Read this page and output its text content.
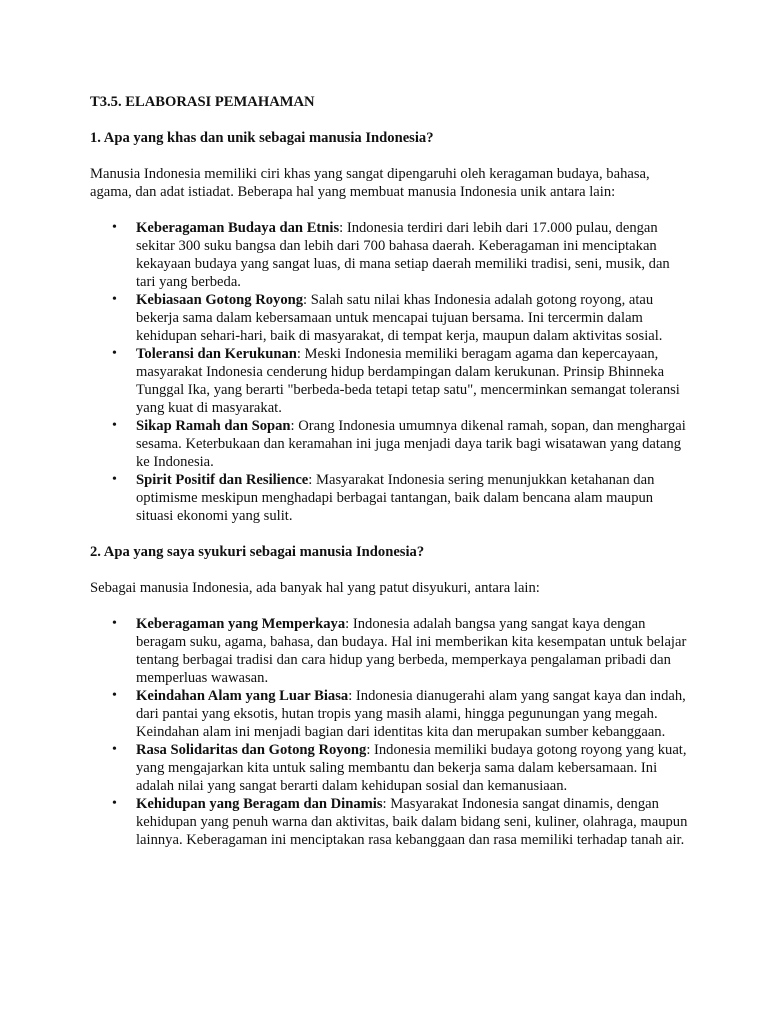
T3.5. ELABORASI PEMAHAMAN

1. Apa yang khas dan unik sebagai manusia Indonesia?

Manusia Indonesia memiliki ciri khas yang sangat dipengaruhi oleh keragaman budaya, bahasa, agama, dan adat istiadat. Beberapa hal yang membuat manusia Indonesia unik antara lain:

• Keberagaman Budaya dan Etnis: Indonesia terdiri dari lebih dari 17.000 pulau, dengan sekitar 300 suku bangsa dan lebih dari 700 bahasa daerah. Keberagaman ini menciptakan kekayaan budaya yang sangat luas, di mana setiap daerah memiliki tradisi, seni, musik, dan tari yang berbeda.
• Kebiasaan Gotong Royong: Salah satu nilai khas Indonesia adalah gotong royong, atau bekerja sama dalam kebersamaan untuk mencapai tujuan bersama. Ini tercermin dalam kehidupan sehari-hari, baik di masyarakat, di tempat kerja, maupun dalam aktivitas sosial.
• Toleransi dan Kerukunan: Meski Indonesia memiliki beragam agama dan kepercayaan, masyarakat Indonesia cenderung hidup berdampingan dalam kerukunan. Prinsip Bhinneka Tunggal Ika, yang berarti "berbeda-beda tetapi tetap satu", mencerminkan semangat toleransi yang kuat di masyarakat.
• Sikap Ramah dan Sopan: Orang Indonesia umumnya dikenal ramah, sopan, dan menghargai sesama. Keterbukaan dan keramahan ini juga menjadi daya tarik bagi wisatawan yang datang ke Indonesia.
• Spirit Positif dan Resilience: Masyarakat Indonesia sering menunjukkan ketahanan dan optimisme meskipun menghadapi berbagai tantangan, baik dalam bencana alam maupun situasi ekonomi yang sulit.

2. Apa yang saya syukuri sebagai manusia Indonesia?

Sebagai manusia Indonesia, ada banyak hal yang patut disyukuri, antara lain:

• Keberagaman yang Memperkaya: Indonesia adalah bangsa yang sangat kaya dengan beragam suku, agama, bahasa, dan budaya. Hal ini memberikan kita kesempatan untuk belajar tentang berbagai tradisi dan cara hidup yang berbeda, memperkaya pengalaman pribadi dan memperluas wawasan.
• Keindahan Alam yang Luar Biasa: Indonesia dianugerahi alam yang sangat kaya dan indah, dari pantai yang eksotis, hutan tropis yang masih alami, hingga pegunungan yang megah. Keindahan alam ini menjadi bagian dari identitas kita dan merupakan sumber kebanggaan.
• Rasa Solidaritas dan Gotong Royong: Indonesia memiliki budaya gotong royong yang kuat, yang mengajarkan kita untuk saling membantu dan bekerja sama dalam kebersamaan. Ini adalah nilai yang sangat berarti dalam kehidupan sosial dan kemanusiaan.
• Kehidupan yang Beragam dan Dinamis: Masyarakat Indonesia sangat dinamis, dengan kehidupan yang penuh warna dan aktivitas, baik dalam bidang seni, kuliner, olahraga, maupun lainnya. Keberagaman ini menciptakan rasa kebanggaan dan rasa memiliki terhadap tanah air.
